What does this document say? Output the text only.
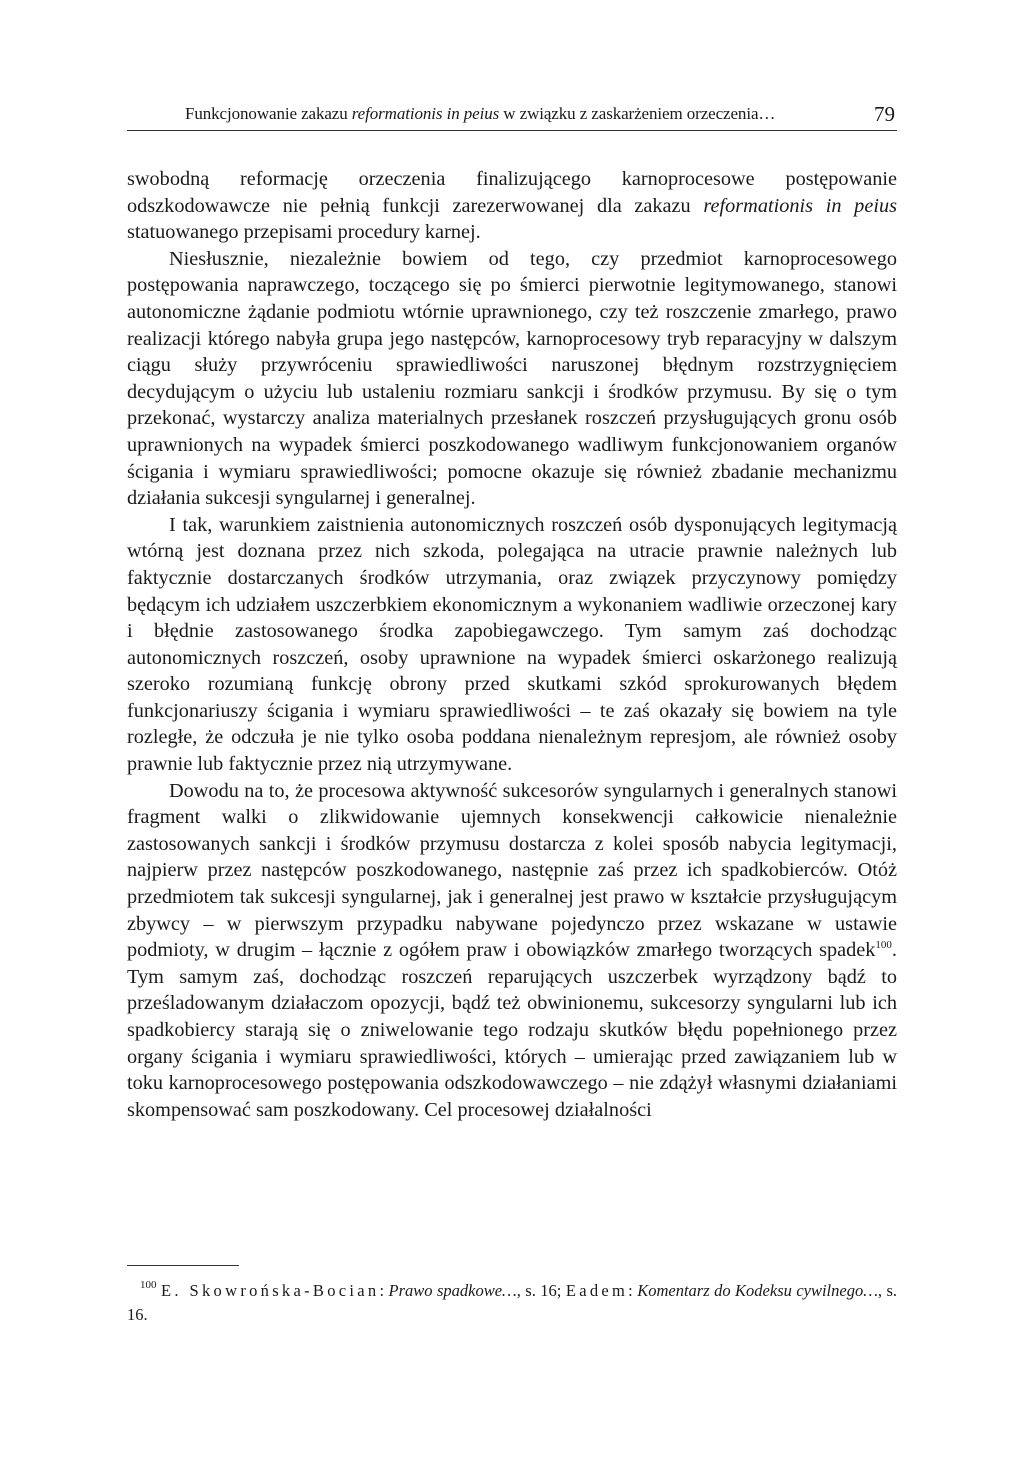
Funkcjonowanie zakazu reformationis in peius w związku z zaskarżeniem orzeczenia…	79

swobodną reformację orzeczenia finalizującego karnoprocesowe postępowanie odszkodowawcze nie pełnią funkcji zarezerwowanej dla zakazu reformationis in peius statuowanego przepisami procedury karnej.

Niesłusznie, niezależnie bowiem od tego, czy przedmiot karnoprocesowego postępowania naprawczego, toczącego się po śmierci pierwotnie legitymowanego, stanowi autonomiczne żądanie podmiotu wtórnie uprawnionego, czy też roszczenie zmarłego, prawo realizacji którego nabyła grupa jego następców, karnoprocesowy tryb reparacyjny w dalszym ciągu służy przywróceniu sprawiedliwości naruszonej błędnym rozstrzygnięciem decydującym o użyciu lub ustaleniu rozmiaru sankcji i środków przymusu. By się o tym przekonać, wystarczy analiza materialnych przesłanek roszczeń przysługujących gronu osób uprawnionych na wypadek śmierci poszkodowanego wadliwym funkcjonowaniem organów ścigania i wymiaru sprawiedliwości; pomocne okazuje się również zbadanie mechanizmu działania sukcesji syngularnej i generalnej.

I tak, warunkiem zaistnienia autonomicznych roszczeń osób dysponujących legitymacją wtórną jest doznana przez nich szkoda, polegająca na utracie prawnie należnych lub faktycznie dostarczanych środków utrzymania, oraz związek przyczynowy pomiędzy będącym ich udziałem uszczerbkiem ekonomicznym a wykonaniem wadliwie orzeczonej kary i błędnie zastosowanego środka zapobiegawczego. Tym samym zaś dochodząc autonomicznych roszczeń, osoby uprawnione na wypadek śmierci oskarżonego realizują szeroko rozumianą funkcję obrony przed skutkami szkód sprokurowanych błędem funkcjonariuszy ścigania i wymiaru sprawiedliwości – te zaś okazały się bowiem na tyle rozległe, że odczuła je nie tylko osoba poddana nienależnym represjom, ale również osoby prawnie lub faktycznie przez nią utrzymywane.

Dowodu na to, że procesowa aktywność sukcesorów syngularnych i generalnych stanowi fragment walki o zlikwidowanie ujemnych konsekwencji całkowicie nienależnie zastosowanych sankcji i środków przymusu dostarcza z kolei sposób nabycia legitymacji, najpierw przez następców poszkodowanego, następnie zaś przez ich spadkobierców. Otóż przedmiotem tak sukcesji syngularnej, jak i generalnej jest prawo w kształcie przysługującym zbywcy – w pierwszym przypadku nabywane pojedynczo przez wskazane w ustawie podmioty, w drugim – łącznie z ogółem praw i obowiązków zmarłego tworzących spadek$^{100}$. Tym samym zaś, dochodząc roszczeń reparujących uszczerbek wyrządzony bądź to prześladowanym działaczom opozycji, bądź też obwinionemu, sukcesorzy syngularni lub ich spadkobiercy starają się o zniwelowanie tego rodzaju skutków błędu popełnionego przez organy ścigania i wymiaru sprawiedliwości, których – umierając przed zawiązaniem lub w toku karnoprocesowego postępowania odszkodowawczego – nie zdążył własnymi działaniami skompensować sam poszkodowany. Cel procesowej działalności

$^{100}$ E. Skowrońska-Bocian: Prawo spadkowe…, s. 16; Eadem: Komentarz do Kodeksu cywilnego…, s. 16.
